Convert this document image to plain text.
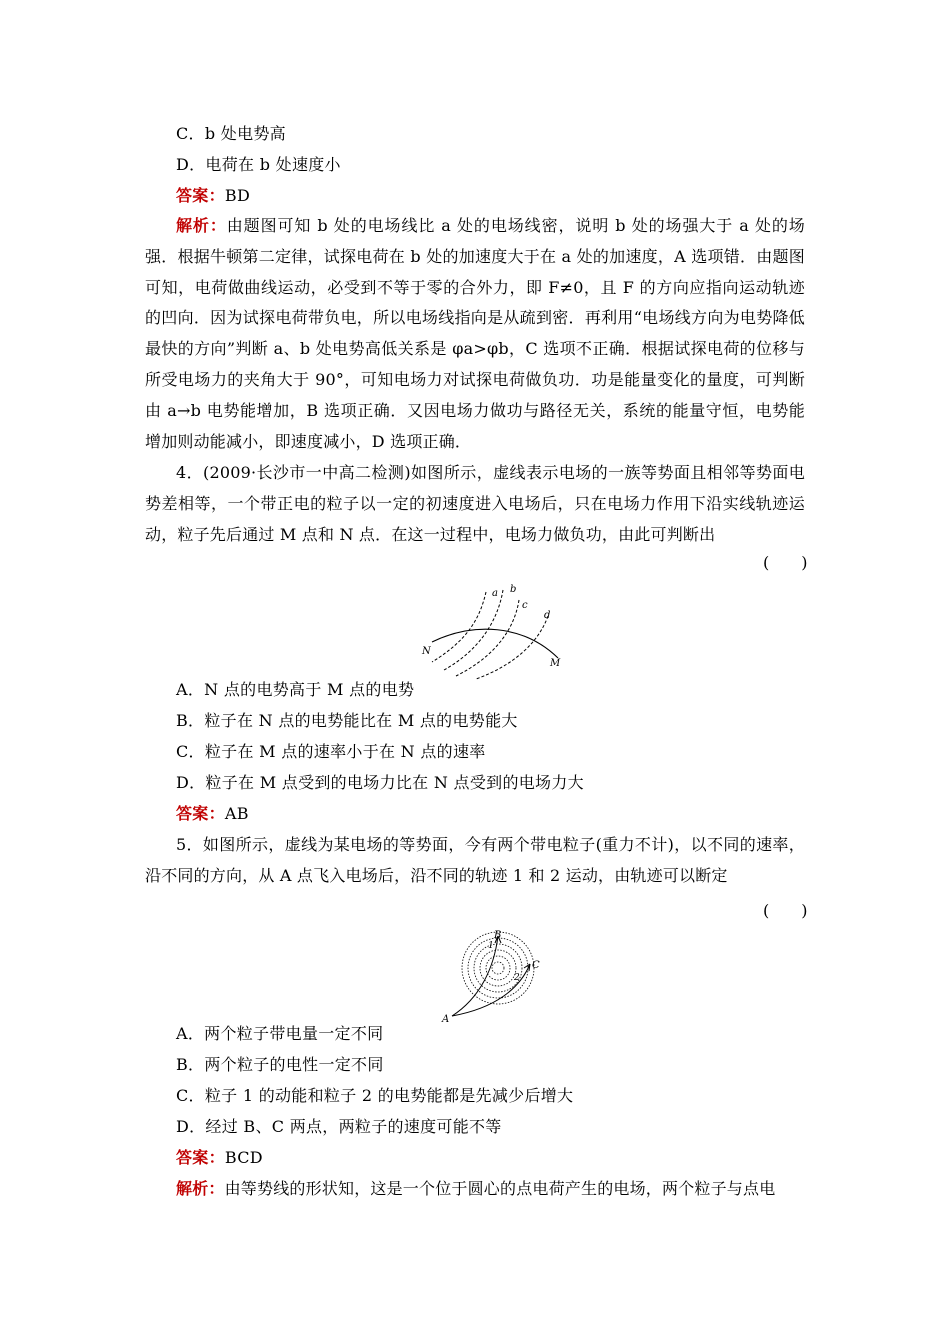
C．b 处电势高
D．电荷在 b 处速度小
答案：BD
解析：由题图可知 b 处的电场线比 a 处的电场线密，说明 b 处的场强大于 a 处的场强．根据牛顿第二定律，试探电荷在 b 处的加速度大于在 a 处的加速度，A 选项错．由题图可知，电荷做曲线运动，必受到不等于零的合外力，即 F≠0，且 F 的方向应指向运动轨迹的凹向．因为试探电荷带负电，所以电场线指向是从疏到密．再利用“电场线方向为电势降低最快的方向”判断 a、b 处电势高低关系是 φa>φb，C 选项不正确．根据试探电荷的位移与所受电场力的夹角大于 90°，可知电场力对试探电荷做负功．功是能量变化的量度，可判断由 a→b 电势能增加，B 选项正确．又因电场力做功与路径无关，系统的能量守恒，电势能增加则动能减小，即速度减小，D 选项正确．
4．(2009·长沙市一中高二检测)如图所示，虚线表示电场的一族等势面且相邻等势面电势差相等，一个带正电的粒子以一定的初速度进入电场后，只在电场力作用下沿实线轨迹运动，粒子先后通过 M 点和 N 点．在这一过程中，电场力做负功，由此可判断出
(　　)
a b
c
d
N
M
A．N 点的电势高于 M 点的电势
B．粒子在 N 点的电势能比在 M 点的电势能大
C．粒子在 M 点的速率小于在 N 点的速率
D．粒子在 M 点受到的电场力比在 N 点受到的电场力大
答案：AB
5．如图所示，虚线为某电场的等势面，今有两个带电粒子(重力不计)，以不同的速率，沿不同的方向，从 A 点飞入电场后，沿不同的轨迹 1 和 2 运动，由轨迹可以断定
(　　)
B
1
2
C
A
A．两个粒子带电量一定不同
B．两个粒子的电性一定不同
C．粒子 1 的动能和粒子 2 的电势能都是先减少后增大
D．经过 B、C 两点，两粒子的速度可能不等
答案：BCD
解析：由等势线的形状知，这是一个位于圆心的点电荷产生的电场，两个粒子与点电
